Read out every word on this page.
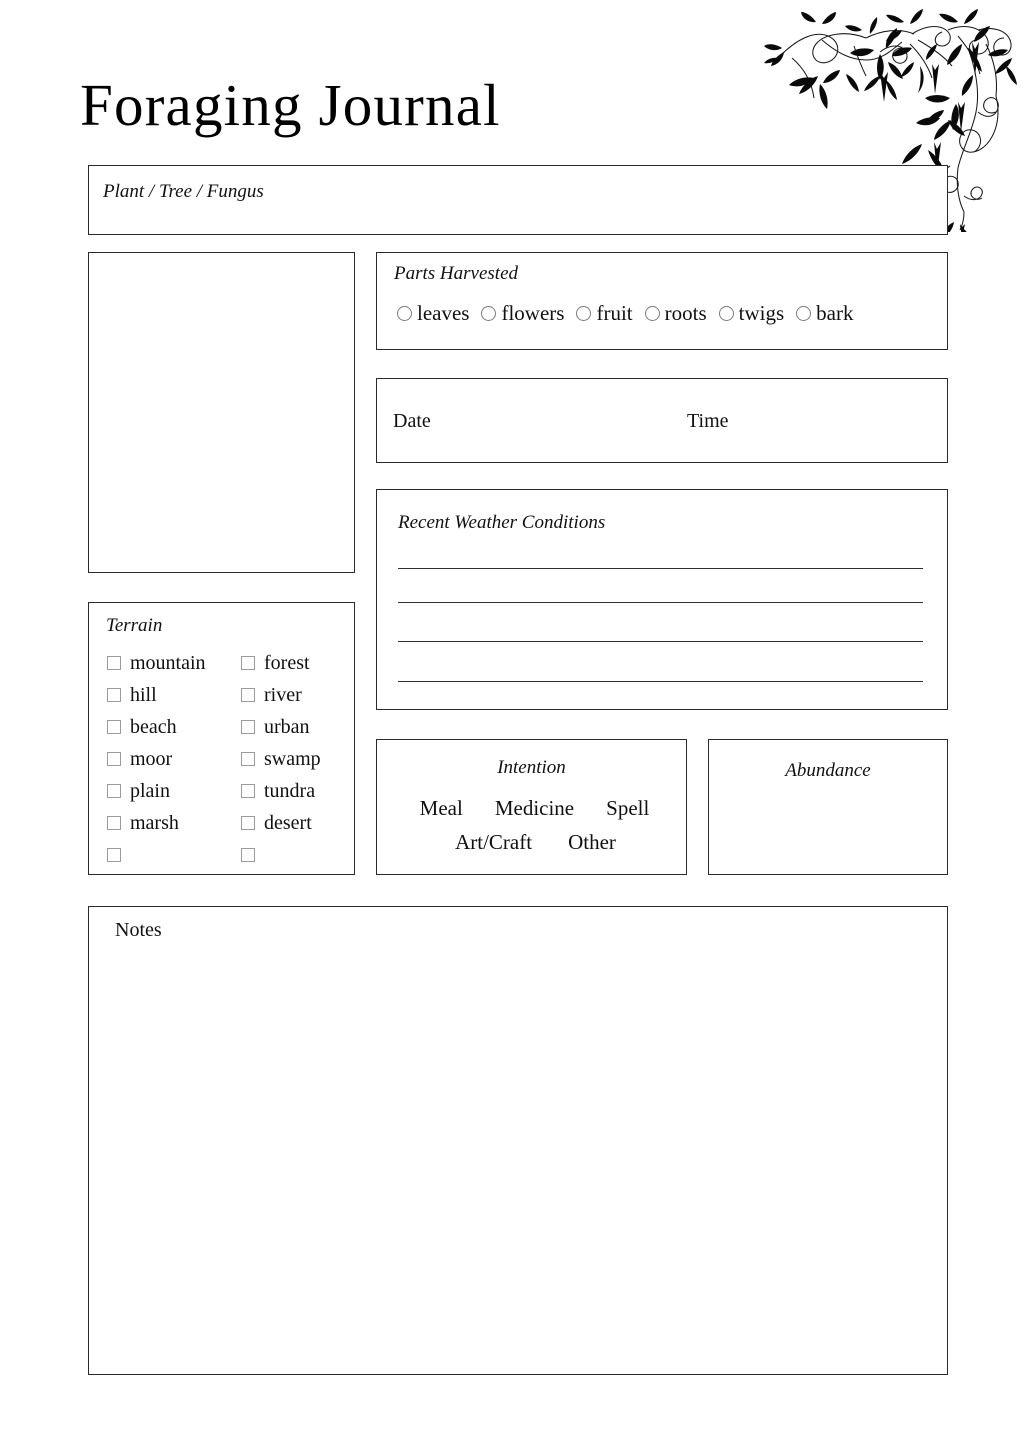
Foraging Journal
Plant / Tree / Fungus
Parts Harvested
leaves flowers fruit roots twigs bark
Date	Time
Recent Weather Conditions
Terrain
mountain
hill
beach
moor
plain
marsh
forest
river
urban
swamp
tundra
desert
Intention
Meal Medicine Spell
Art/Craft Other
Abundance
Notes
